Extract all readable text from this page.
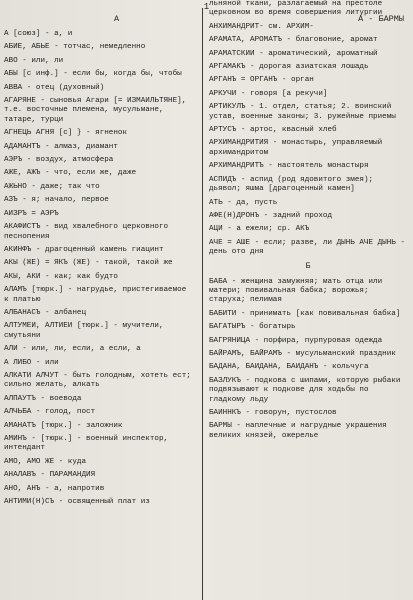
1
А	А - БАРМЫ
А [союз] - а, и
АБИЕ, АБЬЕ - тотчас, немедленно
АВО - или, ли
АБЫ [с инф.] - если бы, когда бы, чтобы
АВВА - отец (духовный)
АГАРЯНЕ - сыновья Агари [= ИЗМАИЛЬТЯНЕ], т.е. восточные племена, мусульмане, татаре, турци
АГНЕЦЬ АГНЯ [с] } - ягненок
АДАМАНТЪ - алмаз, диамант
АЭРЪ - воздух, атмосфера
АЖЕ, АЖЪ - что, если же, даже
АЖЬНО - даже; так что
АЗЪ - я; начало, первое
АИЗРЪ = АЭРЪ
АКАФИСТЪ - вид хвалебного церковного песнопения
АКИНФЪ - драгоценный камень гиацинт
АКЫ (ЖЕ) = ЯКЪ (ЖЕ) - такой, такой же
АКЫ, АКИ - как; как будто
АЛАМЪ [тюрк.] - нагрудье, пристегиваемое к платью
АЛБАНАСЪ - албанец
АЛТУМЕИ, АЛТИЕИ [тюрк.] - мучители, смутьяни
АЛИ - или, ли, если, а если, а
А ЛИБО - или
АЛКАТИ АЛЧУТ - быть голодным, хотеть ест; сильно желать, алкать
АЛПАУТЪ - воевода
АЛЧЬБА - голод, пост
АМАНАТЪ [тюрк.] - заложник
АМИНЪ - [тюрк.] - военный инспектор, интендант
АМО, АМО ЖЕ - куда
АНАЛАВЪ - ПАРАМАНДИЯ
АНО, АНЪ - а, напротив
АНТИМИ(Н)СЪ - освященный плат из
льняной ткани, разлагаемый на престоле церковном во время совершения литургии
АНХИМАНДРИТ- см. АРХИМ-
АРАМАТА, АРОМАТЪ - благовоние, аромат
АРАМАТСКИИ - ароматический, ароматный
АРГАМАКЪ - дорогая азиатская лошадь
АРГАНЪ = ОРГАНЪ - орган
АРКУЧИ - говоря [а рекучи]
АРТИКУЛЪ - 1. отдел, статья; 2. воинский устав, военные законы; 3. ружейные приемы
АРТУСЪ - артос, квасный хлеб
АРХИМАНДРИТИЯ - монастырь, управляемый архимандритом
АРХИМАНДРИТЪ - настоятель монастыря
АСПИДЪ - аспид (род ядовитого змея); дьявол; яшма [драгоценный камен]
АТЬ - да, пусть
АФЕ(Н)ДРОНЪ - задний проход
АЦИ - а ежели; ср. АКЪ
АЧЕ = АШЕ - если; разве, ли ДЫНЬ АЧЕ ДЫНЬ - день ото дня
Б
БАБА - женщина замужняя; мать отца или матери; повивальная бабка; ворожья; старуха; пелимая
БАБИТИ - принимать [как повивальная бабка]
БАГАТЫРЪ - богатырь
БАГРЯНИЦА - порфира, пурпуровая одежда
БАЙРАМЪ, БАЙРАМЪ - мусульманский праздник
БАДАНА, БАИДАНА, БАИДАНЪ - кольчуга
БАЗЛУКЪ - подкова с шипами, которую рыбаки подвязывают к подкове для ходьбы по гладкому льду
БАИННКЪ - говорун, пустослов
БАРМЫ - наплечные и нагрудные украшения великих князей, ожерелье
